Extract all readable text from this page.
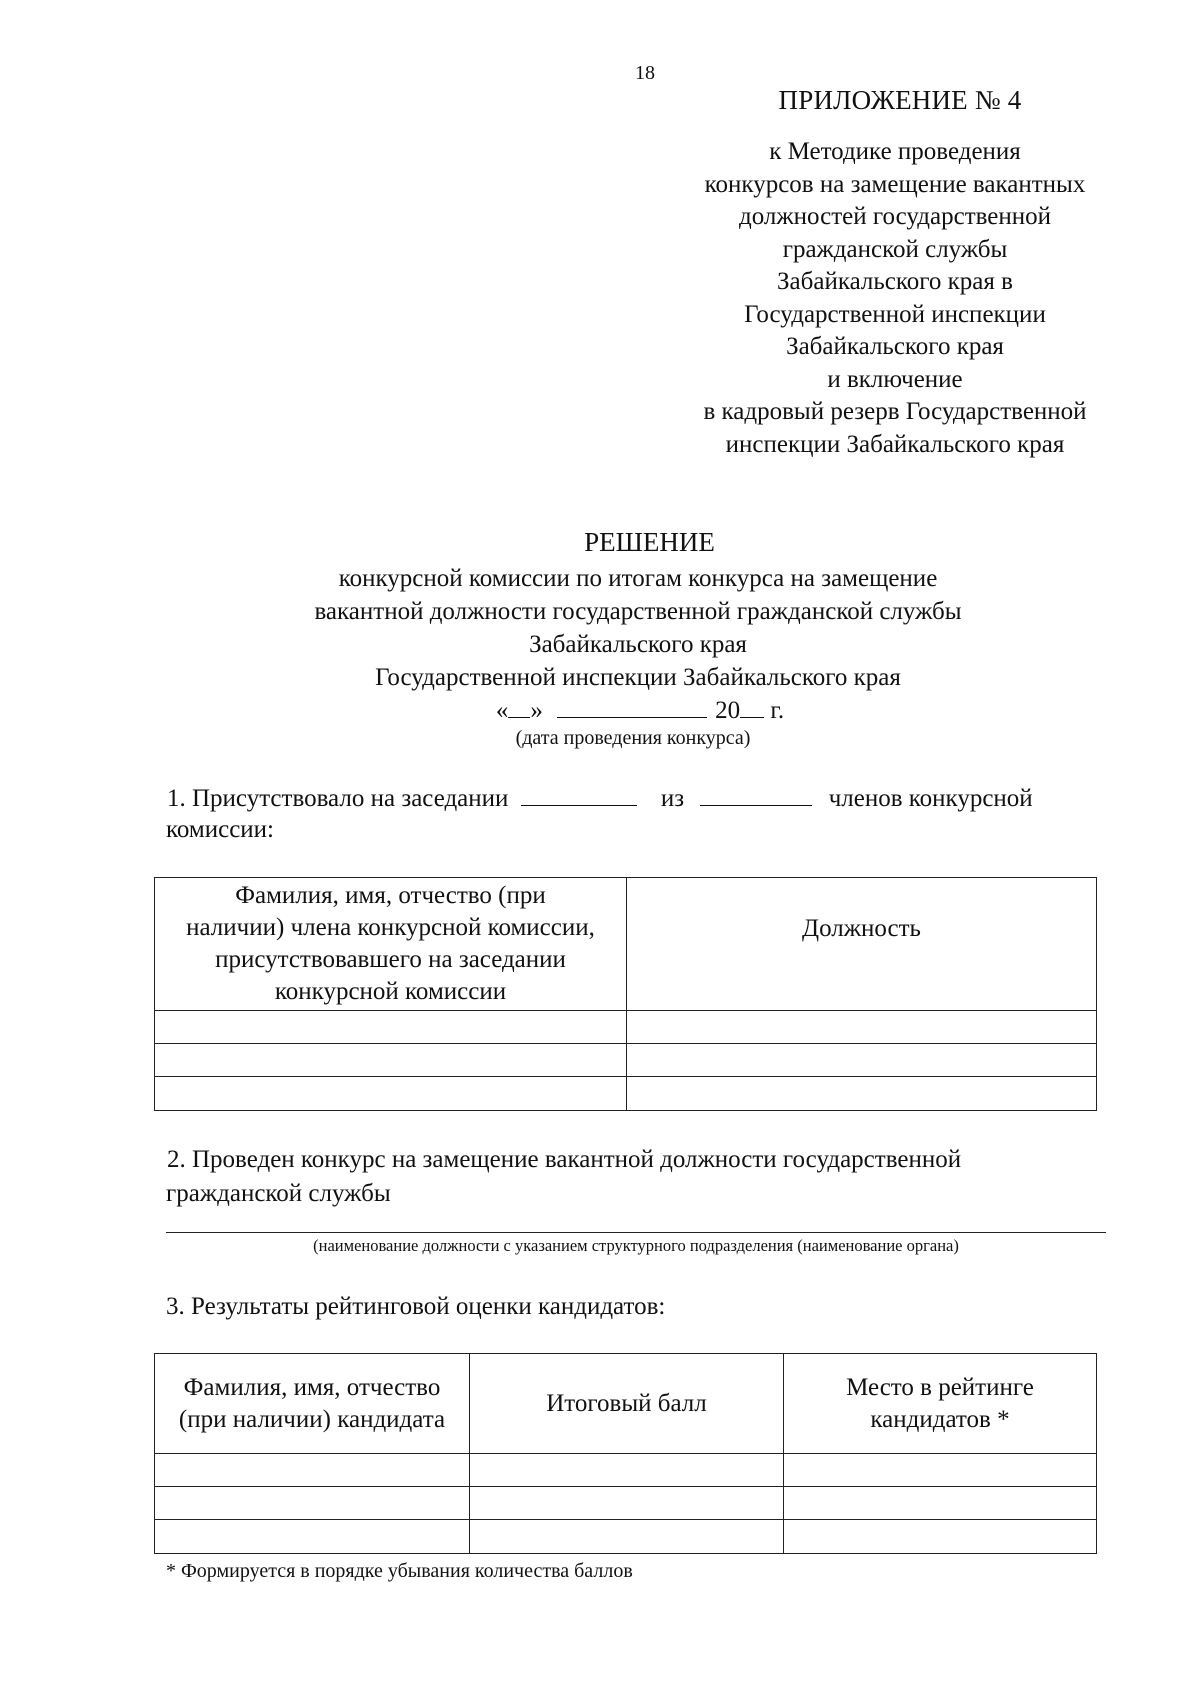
18
ПРИЛОЖЕНИЕ № 4
к Методике проведения
конкурсов на замещение вакантных
должностей государственной
гражданской службы
Забайкальского края в
Государственной инспекции
Забайкальского края
и включение
в кадровый резерв Государственной
инспекции Забайкальского края
РЕШЕНИЕ
конкурсной комиссии по итогам конкурса на замещение
вакантной должности государственной гражданской службы
Забайкальского края
Государственной инспекции Забайкальского края
« »	20 г.
(дата проведения конкурса)
1. Присутствовало на заседании	из	членов конкурсной
комиссии:
Фамилия, имя, отчество (при наличии) члена конкурсной комиссии, присутствовавшего на заседании конкурсной комиссии	Должность

2. Проведен конкурс на замещение вакантной должности государственной
гражданской службы
(наименование должности с указанием структурного подразделения (наименование органа)
3. Результаты рейтинговой оценки кандидатов:
Фамилия, имя, отчество (при наличии) кандидата	Итоговый балл	Место в рейтинге кандидатов *

* Формируется в порядке убывания количества баллов
